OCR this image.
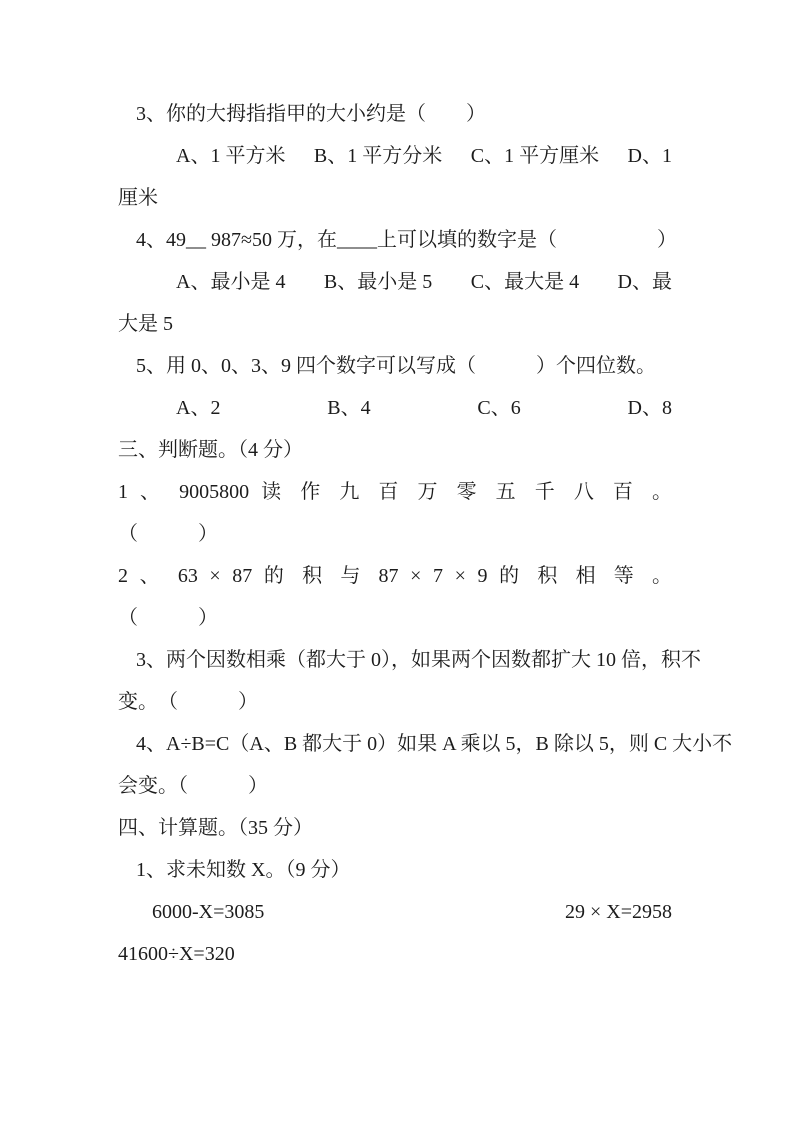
3、你的大拇指指甲的大小约是（　　）
A、1 平方米 B、1 平方分米 C、1 平方厘米 D、1
厘米
4、49__ 987≈50 万，在____上可以填的数字是（　　　　　）
A、最小是 4 B、最小是 5 C、最大是 4 D、最
大是 5
5、用 0、0、3、9 四个数字可以写成（　　　）个四位数。
A、2	B、4	C、6	D、8
三、判断题。（4 分）
1 、 9005800 读 作 九 百 万 零 五 千 八 百 。
（　　　）
2 、 63 × 87 的 积 与 87 × 7 × 9 的 积 相 等 。
（　　　）
3、两个因数相乘（都大于 0），如果两个因数都扩大 10 倍，积不
变。　（　　　）
4、A÷B=C（A、B 都大于 0）如果 A 乘以 5，B 除以 5，则 C 大小不
会变。（　　　）
四、计算题。（35 分）
1、求未知数 X。（9 分）
6000-X=3085	29 × X=2958
41600÷X=320
